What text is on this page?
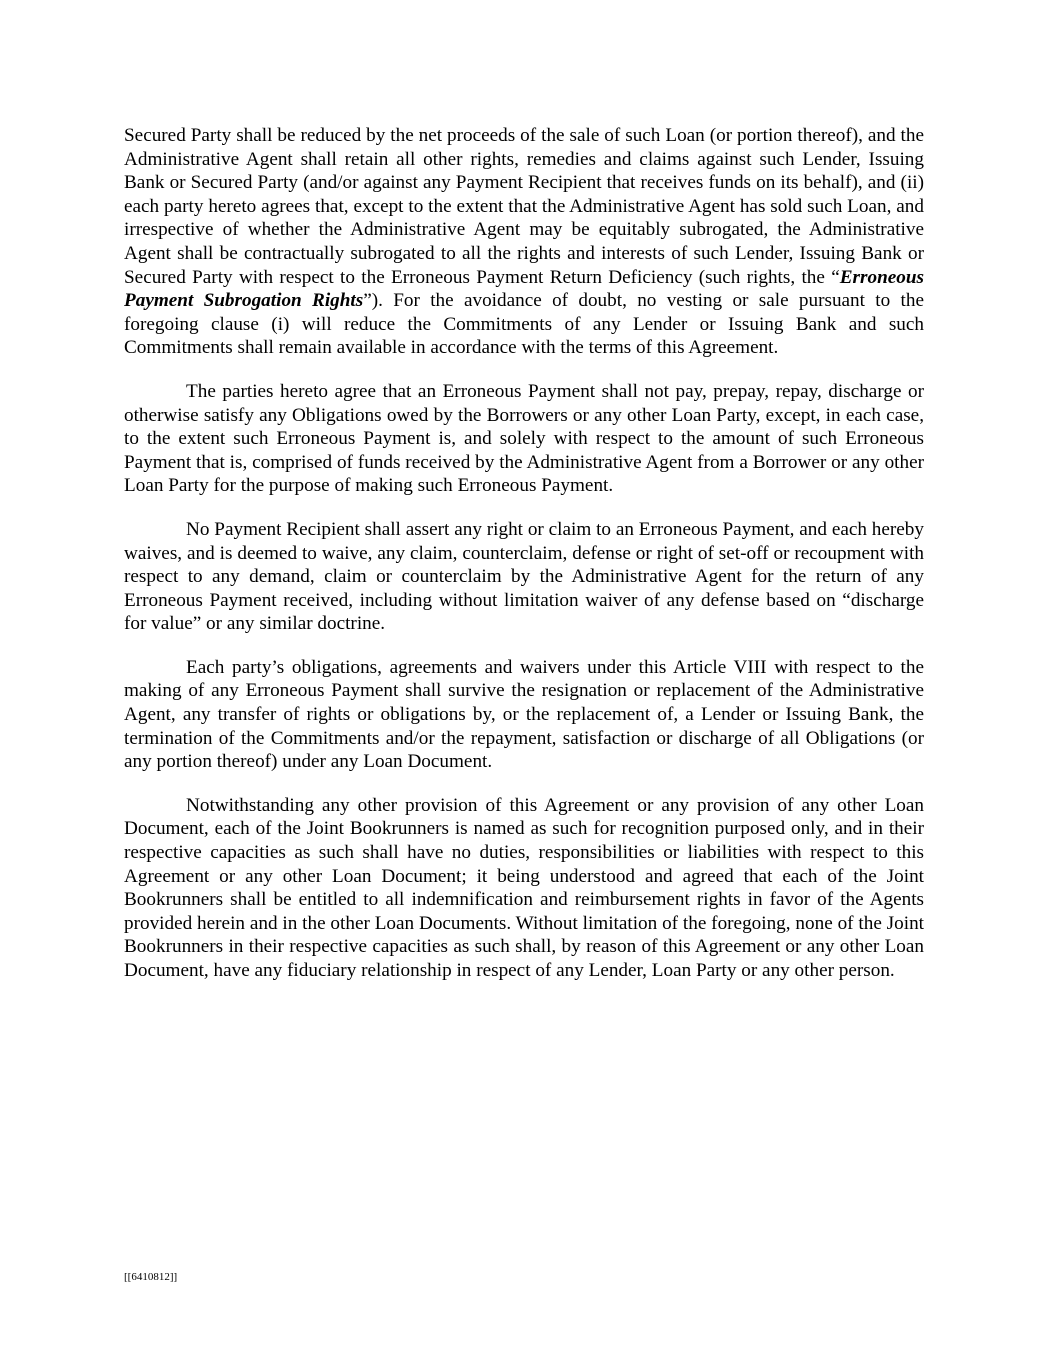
Secured Party shall be reduced by the net proceeds of the sale of such Loan (or portion thereof), and the Administrative Agent shall retain all other rights, remedies and claims against such Lender, Issuing Bank or Secured Party (and/or against any Payment Recipient that receives funds on its behalf), and (ii) each party hereto agrees that, except to the extent that the Administrative Agent has sold such Loan, and irrespective of whether the Administrative Agent may be equitably subrogated, the Administrative Agent shall be contractually subrogated to all the rights and interests of such Lender, Issuing Bank or Secured Party with respect to the Erroneous Payment Return Deficiency (such rights, the “Erroneous Payment Subrogation Rights”). For the avoidance of doubt, no vesting or sale pursuant to the foregoing clause (i) will reduce the Commitments of any Lender or Issuing Bank and such Commitments shall remain available in accordance with the terms of this Agreement.

The parties hereto agree that an Erroneous Payment shall not pay, prepay, repay, discharge or otherwise satisfy any Obligations owed by the Borrowers or any other Loan Party, except, in each case, to the extent such Erroneous Payment is, and solely with respect to the amount of such Erroneous Payment that is, comprised of funds received by the Administrative Agent from a Borrower or any other Loan Party for the purpose of making such Erroneous Payment.

No Payment Recipient shall assert any right or claim to an Erroneous Payment, and each hereby waives, and is deemed to waive, any claim, counterclaim, defense or right of set-off or recoupment with respect to any demand, claim or counterclaim by the Administrative Agent for the return of any Erroneous Payment received, including without limitation waiver of any defense based on “discharge for value” or any similar doctrine.

Each party’s obligations, agreements and waivers under this Article VIII with respect to the making of any Erroneous Payment shall survive the resignation or replacement of the Administrative Agent, any transfer of rights or obligations by, or the replacement of, a Lender or Issuing Bank, the termination of the Commitments and/or the repayment, satisfaction or discharge of all Obligations (or any portion thereof) under any Loan Document.

Notwithstanding any other provision of this Agreement or any provision of any other Loan Document, each of the Joint Bookrunners is named as such for recognition purposed only, and in their respective capacities as such shall have no duties, responsibilities or liabilities with respect to this Agreement or any other Loan Document; it being understood and agreed that each of the Joint Bookrunners shall be entitled to all indemnification and reimbursement rights in favor of the Agents provided herein and in the other Loan Documents. Without limitation of the foregoing, none of the Joint Bookrunners in their respective capacities as such shall, by reason of this Agreement or any other Loan Document, have any fiduciary relationship in respect of any Lender, Loan Party or any other person.

[[6410812]]
